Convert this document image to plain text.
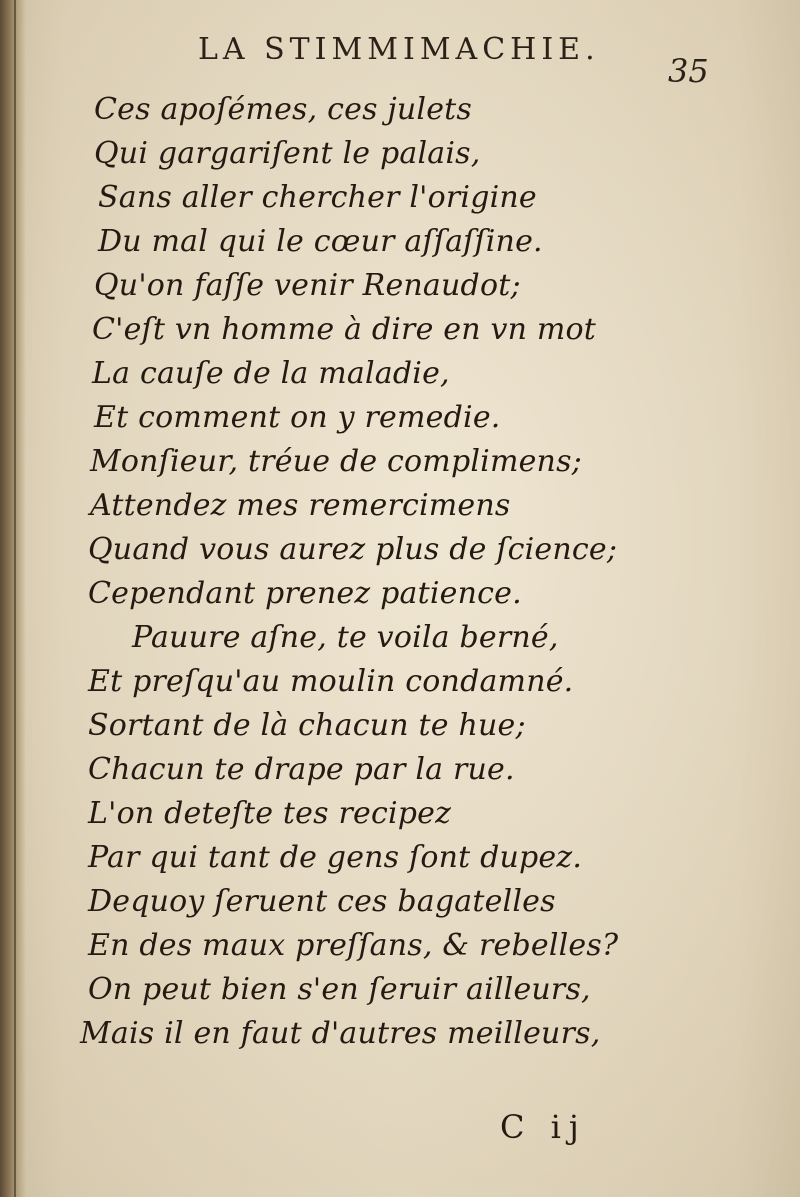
LA STIMMIMACHIE.
35
Ces apoſémes, ces julets
Qui gargariſent le palais,
Sans aller chercher l'origine
Du mal qui le cœur aſſaſſine.
Qu'on faſſe venir Renaudot;
C'eſt vn homme à dire en vn mot
La cauſe de la maladie,
Et comment on y remedie.
Monſieur, tréue de complimens;
Attendez mes remercimens
Quand vous aurez plus de ſcience;
Cependant prenez patience.
Pauure aſne, te voila berné,
Et preſqu'au moulin condamné.
Sortant de là chacun te hue;
Chacun te drape par la rue.
L'on deteſte tes recipez
Par qui tant de gens ſont dupez.
Dequoy ſeruent ces bagatelles
En des maux preſſans, & rebelles?
On peut bien s'en ſeruir ailleurs,
Mais il en faut d'autres meilleurs,
C ij
